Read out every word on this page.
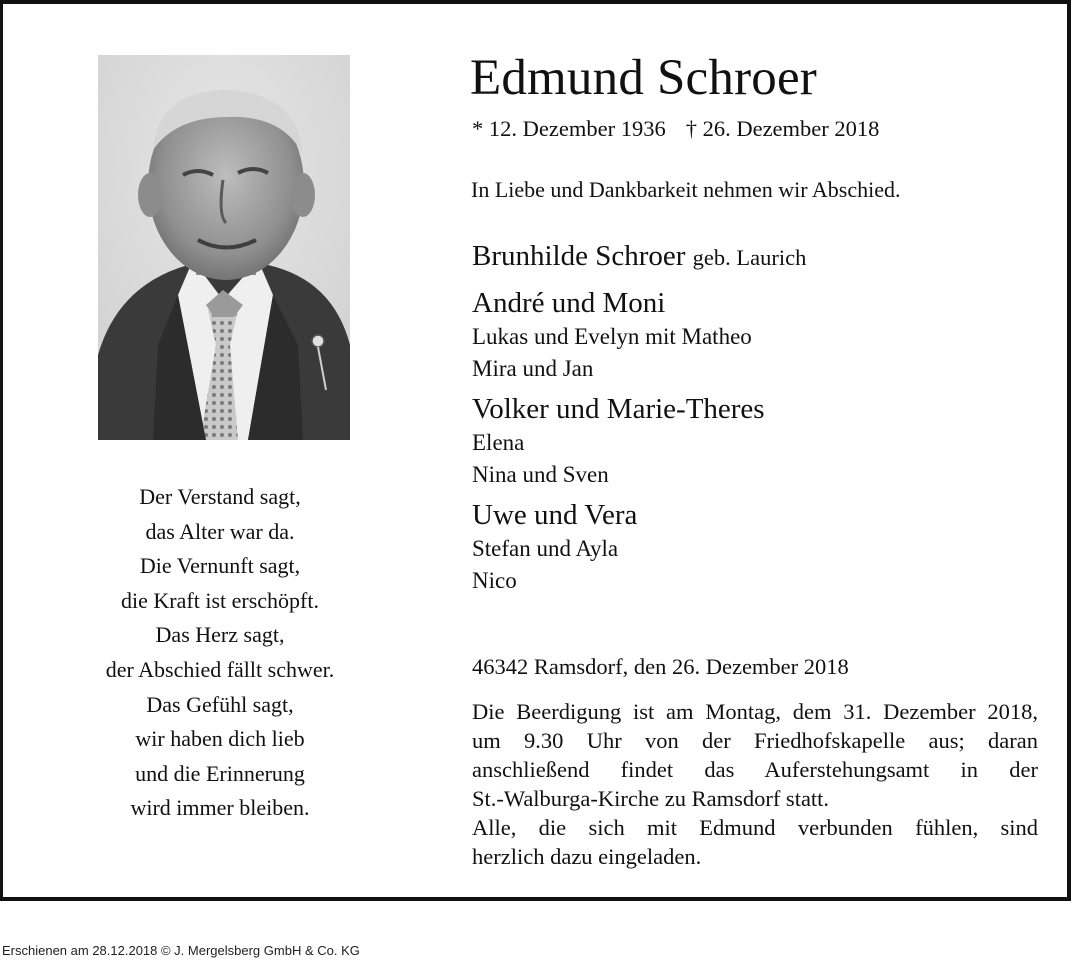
Der Verstand sagt,
das Alter war da.
Die Vernunft sagt,
die Kraft ist erschöpft.
Das Herz sagt,
der Abschied fällt schwer.
Das Gefühl sagt,
wir haben dich lieb
und die Erinnerung
wird immer bleiben.
Edmund Schroer
* 12. Dezember 1936 † 26. Dezember 2018
In Liebe und Dankbarkeit nehmen wir Abschied.
Brunhilde Schroer geb. Laurich
André und Moni
Lukas und Evelyn mit Matheo
Mira und Jan
Volker und Marie-Theres
Elena
Nina und Sven
Uwe und Vera
Stefan und Ayla
Nico
46342 Ramsdorf, den 26. Dezember 2018
Die Beerdigung ist am Montag, dem 31. Dezember 2018,
um 9.30 Uhr von der Friedhofskapelle aus; daran
anschließend findet das Auferstehungsamt in der
St.-Walburga-Kirche zu Ramsdorf statt.
Alle, die sich mit Edmund verbunden fühlen, sind
herzlich dazu eingeladen.
Erschienen am 28.12.2018 © J. Mergelsberg GmbH & Co. KG
